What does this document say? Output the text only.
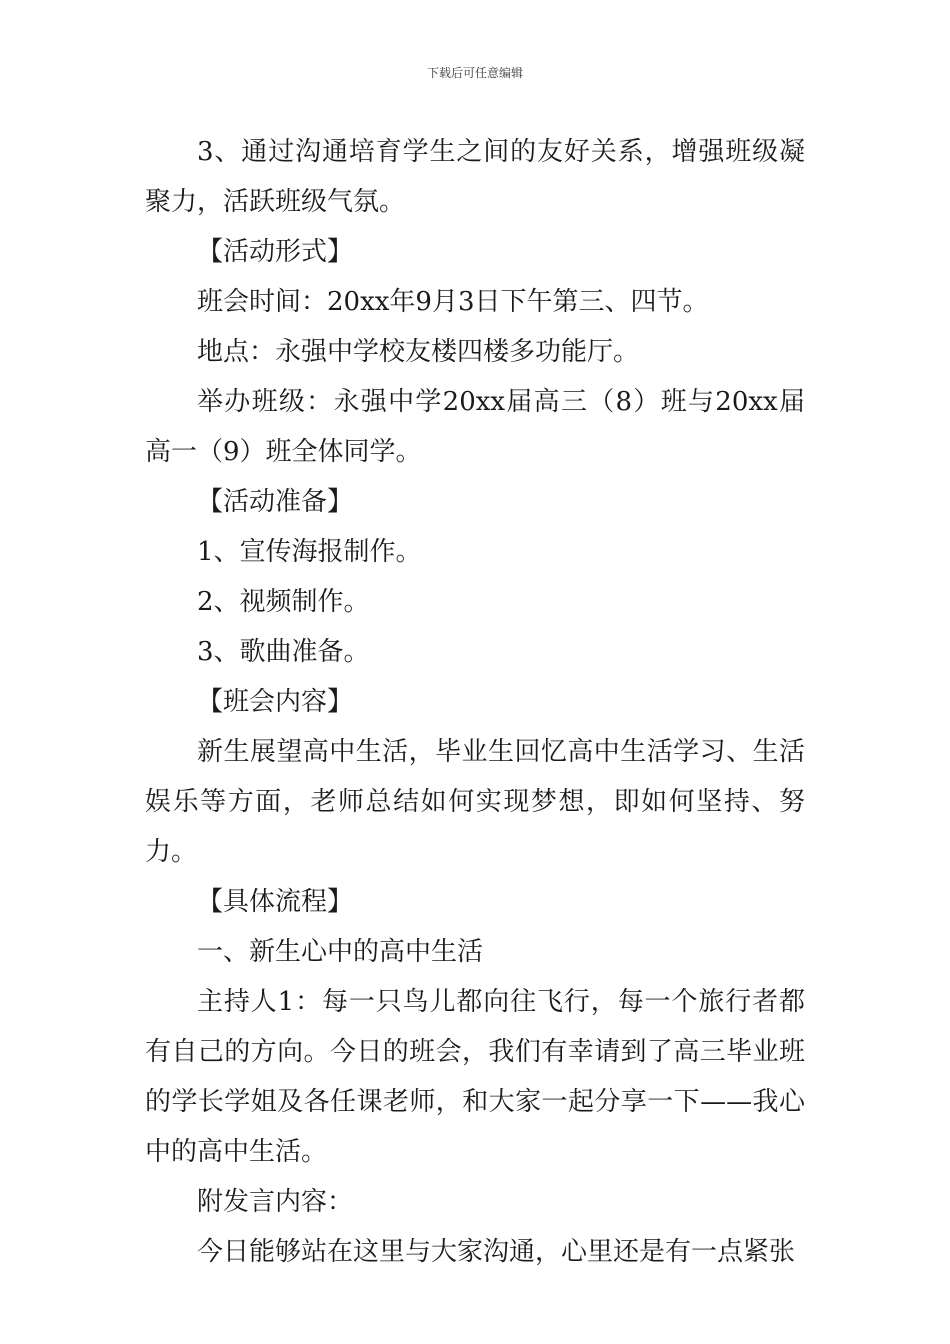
下载后可任意编辑

3、通过沟通培育学生之间的友好关系，增强班级凝聚力，活跃班级气氛。

【活动形式】

班会时间：20xx年9月3日下午第三、四节。

地点：永强中学校友楼四楼多功能厅。

举办班级：永强中学20xx届高三（8）班与20xx届高一（9）班全体同学。

【活动准备】

1、宣传海报制作。

2、视频制作。

3、歌曲准备。

【班会内容】

新生展望高中生活，毕业生回忆高中生活学习、生活娱乐等方面，老师总结如何实现梦想，即如何坚持、努力。

【具体流程】

一、新生心中的高中生活

主持人1：每一只鸟儿都向往飞行，每一个旅行者都有自己的方向。今日的班会，我们有幸请到了高三毕业班的学长学姐及各任课老师，和大家一起分享一下——我心中的高中生活。

附发言内容：

今日能够站在这里与大家沟通，心里还是有一点紧张
